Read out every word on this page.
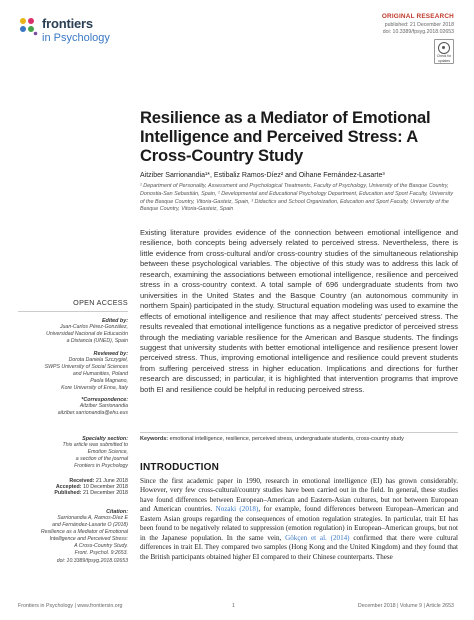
frontiers
in Psychology
ORIGINAL RESEARCH
published: 21 December 2018
doi: 10.3389/fpsyg.2018.02653
Check for
updates
Resilience as a Mediator of Emotional Intelligence and Perceived Stress: A Cross-Country Study
Aitziber Sarrionandia¹*, Estibaliz Ramos-Díez² and Oihane Fernández-Lasarte³
¹ Department of Personality, Assessment and Psychological Treatments, Faculty of Psychology, University of the Basque Country, Donostia-San Sebastián, Spain, ² Developmental and Educational Psychology Department, Education and Sport Faculty, University of the Basque Country, Vitoria-Gasteiz, Spain, ³ Didactics and School Organization, Education and Sport Faculty, University of the Basque Country, Vitoria-Gasteiz, Spain
Existing literature provides evidence of the connection between emotional intelligence and resilience, both concepts being adversely related to perceived stress. Nevertheless, there is little evidence from cross-cultural and/or cross-country studies of the simultaneous relationship between these psychological variables. The objective of this study was to address this lack of research, examining the associations between emotional intelligence, resilience and perceived stress in a cross-country context. A total sample of 696 undergraduate students from two universities in the United States and the Basque Country (an autonomous community in northern Spain) participated in the study. Structural equation modeling was used to examine the effects of emotional intelligence and resilience that may affect students’ perceived stress. The results revealed that emotional intelligence functions as a negative predictor of perceived stress through the mediating variable resilience for the American and Basque students. The findings suggest that university students with better emotional intelligence and resilience present lower perceived stress. Thus, improving emotional intelligence and resilience could prevent students from suffering perceived stress in higher education. Implications and directions for further research are discussed; in particular, it is highlighted that intervention programs that improve both EI and resilience could be helpful in reducing perceived stress.
Keywords: emotional intelligence, resilience, perceived stress, undergraduate students, cross-country study
OPEN ACCESS
Edited by:
Juan-Carlos Pérez-González,
Universidad Nacional de Educación
a Distancia (UNED), Spain
Reviewed by:
Dorota Daniela Szczygieł,
SWPS University of Social Sciences
and Humanities, Poland
Paola Magnano,
Kore University of Enna, Italy
*Correspondence:
Aitziber Sarrionandia
aitziber.sarrionandia@ehu.eus
Specialty section:
This article was submitted to
Emotion Science,
a section of the journal
Frontiers in Psychology
Received: 21 June 2018
Accepted: 10 December 2018
Published: 21 December 2018
Citation:
Sarrionandia A, Ramos-Díez E
and Fernández-Lasarte O (2018)
Resilience as a Mediator of Emotional
Intelligence and Perceived Stress:
A Cross-Country Study.
Front. Psychol. 9:2653.
doi: 10.3389/fpsyg.2018.02653
INTRODUCTION
Since the first academic paper in 1990, research in emotional intelligence (EI) has grown considerably. However, very few cross-cultural/country studies have been carried out in the field. In general, these studies have found differences between European–American and Eastern-Asian cultures, but not between European and American countries. Nozaki (2018), for example, found differences between European–American and Eastern Asian groups regarding the consequences of emotion regulation strategies. In particular, trait EI has been found to be negatively related to suppression (emotion regulation) in European–American groups, but not in the Japanese population. In the same vein, Gökçen et al. (2014) confirmed that there were cultural differences in trait EI. They compared two samples (Hong Kong and the United Kingdom) and they found that the British participants obtained higher EI compared to their Chinese counterparts. These
Frontiers in Psychology | www.frontiersin.org	1	December 2018 | Volume 9 | Article 2653
